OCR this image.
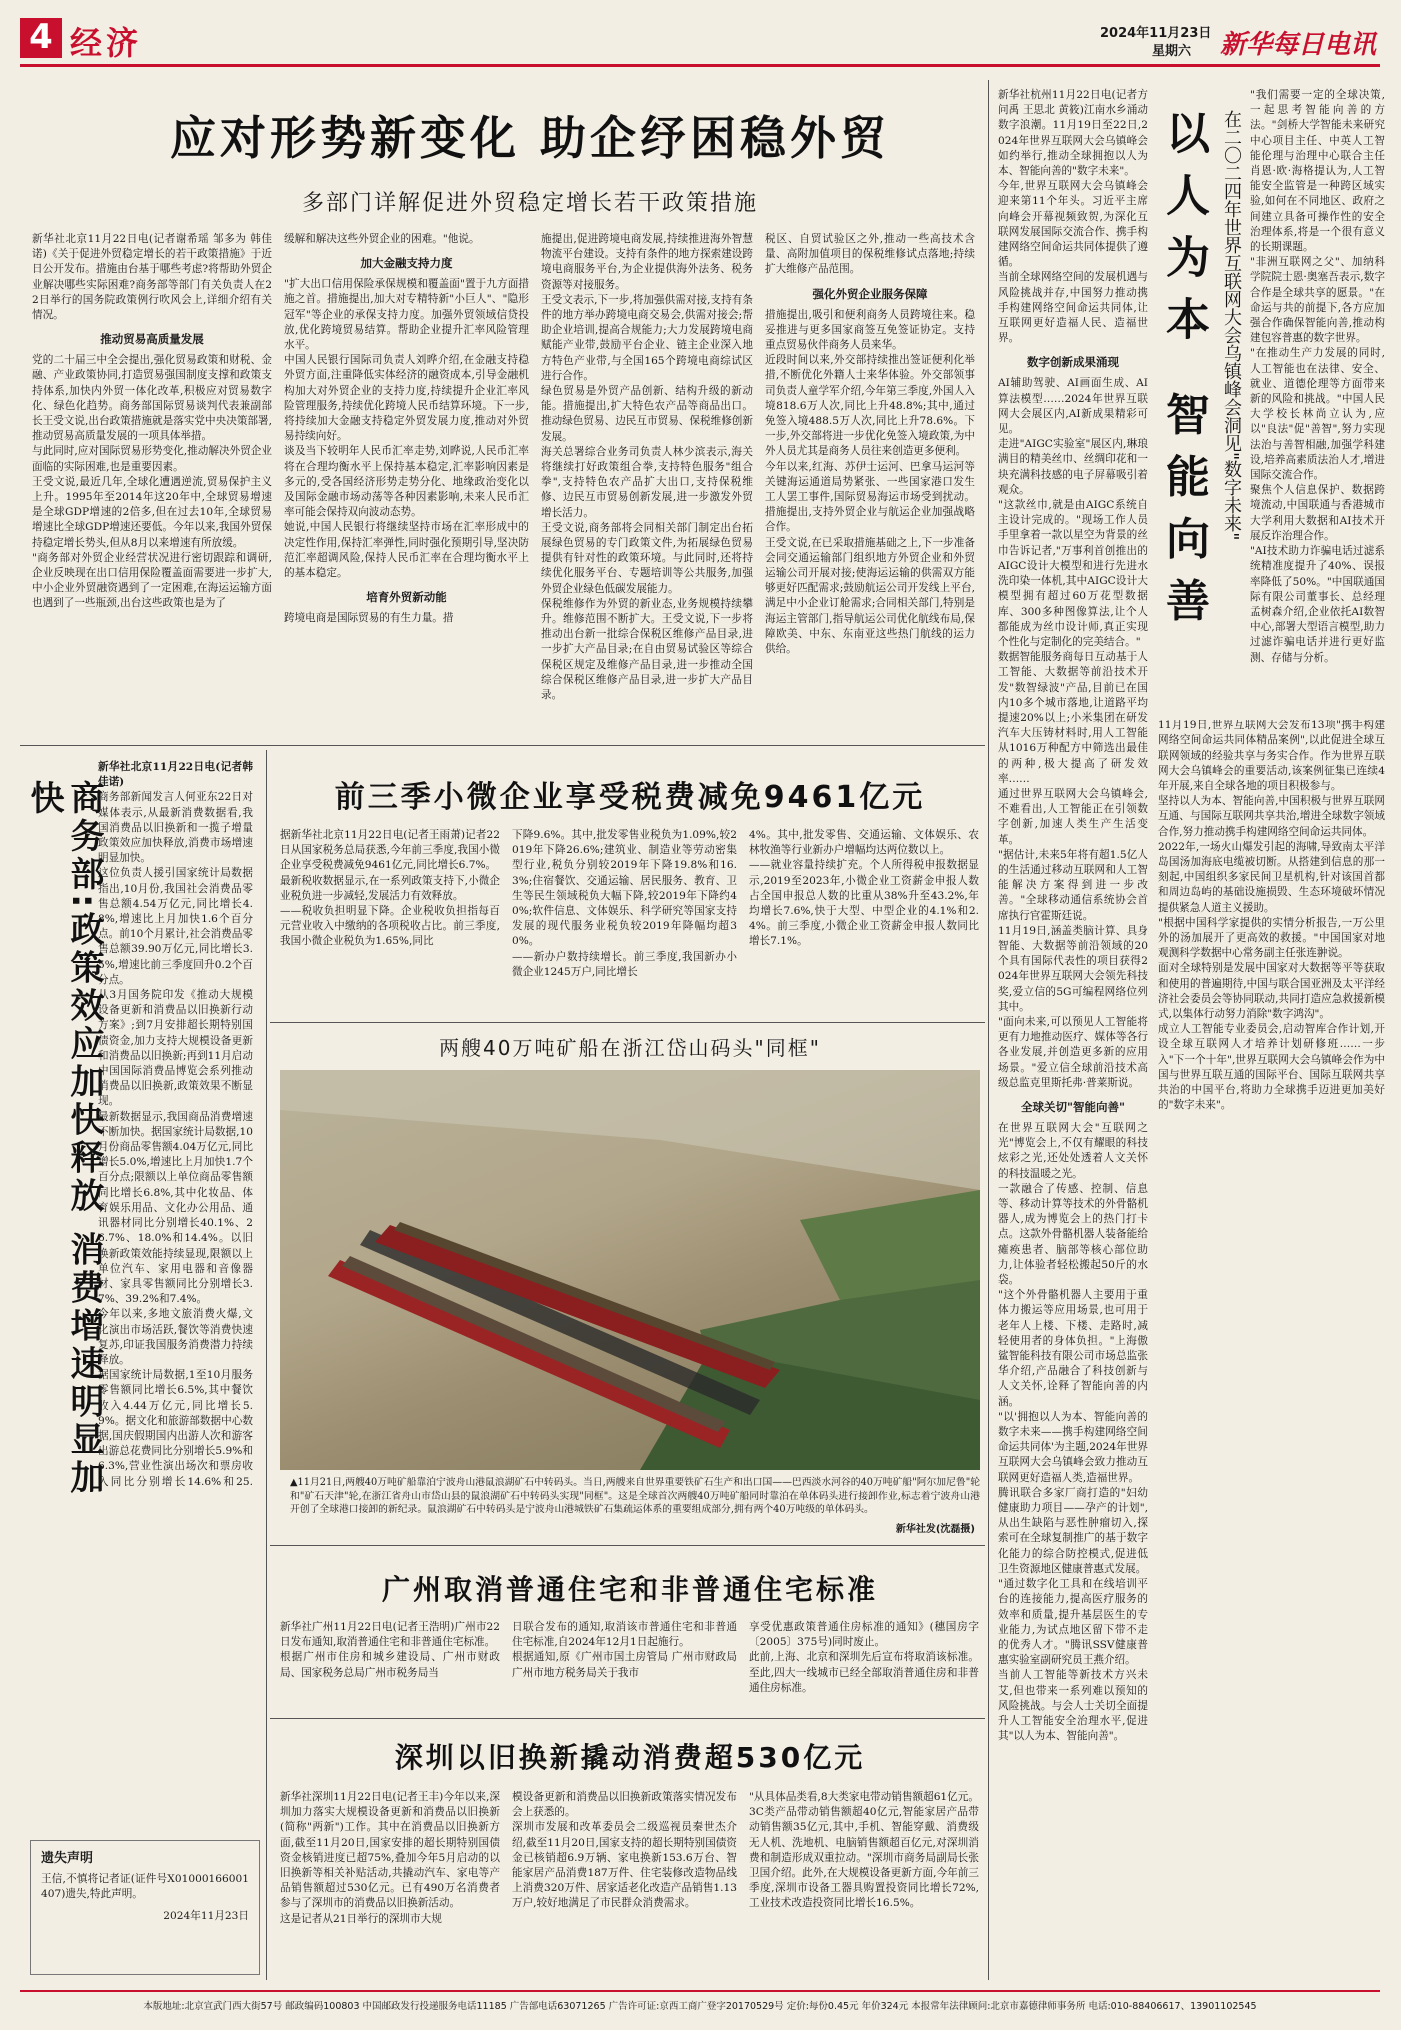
4 经济	2024年11月23日
星期六 新华每日电讯
应对形势新变化 助企纾困稳外贸
多部门详解促进外贸稳定增长若干政策措施
新华社北京11月22日电(记者谢希瑶 邹多为 韩佳诺)《关于促进外贸稳定增长的若干政策措施》于近日公开发布。措施由台基于哪些考虑?将帮助外贸企业解决哪些实际困难?商务部等部门有关负责人在22日举行的国务院政策例行吹风会上,详细介绍有关情况。
推动贸易高质量发展
党的二十届三中全会提出,强化贸易政策和财税、金融、产业政策协同,打造贸易强国制度支撑和政策支持体系,加快内外贸一体化改革,积极应对贸易数字化、绿色化趋势。商务部国际贸易谈判代表兼副部长王受文说,出台政策措施就是落实党中央决策部署,推动贸易高质量发展的一项具体举措。
与此同时,应对国际贸易形势变化,推动解决外贸企业面临的实际困难,也是重要因素。
王受文说,最近几年,全球化遭遇逆流,贸易保护主义上升。1995年至2014年这20年中,全球贸易增速是全球GDP增速的2倍多,但在过去10年,全球贸易增速比全球GDP增速还要低。今年以来,我国外贸保持稳定增长势头,但从8月以来增速有所放缓。
"商务部对外贸企业经营状况进行密切跟踪和调研,企业反映现在出口信用保险覆盖面需要进一步扩大,中小企业外贸融资遇到了一定困难,在海运运输方面也遇到了一些瓶颈,出台这些政策也是为了
缓解和解决这些外贸企业的困难。"他说。
加大金融支持力度
"扩大出口信用保险承保规模和覆盖面"置于九方面措施之首。措施提出,加大对专精特新"小巨人"、"隐形冠军"等企业的承保支持力度。加强外贸领域信贷投放,优化跨境贸易结算。帮助企业提升汇率风险管理水平。
中国人民银行国际司负责人刘晔介绍,在金融支持稳外贸方面,注重降低实体经济的融资成本,引导金融机构加大对外贸企业的支持力度,持续提升企业汇率风险管理服务,持续优化跨境人民币结算环境。下一步,将持续加大金融支持稳定外贸发展力度,推动对外贸易持续向好。
谈及当下较明年人民币汇率走势,刘晔说,人民币汇率将在合理均衡水平上保持基本稳定,汇率影响因素是多元的,受各国经济形势走势分化、地缘政治变化以及国际金融市场动荡等各种因素影响,未来人民币汇率可能会保持双向波动态势。
她说,中国人民银行将继续坚持市场在汇率形成中的决定性作用,保持汇率弹性,同时强化预期引导,坚决防范汇率超调风险,保持人民币汇率在合理均衡水平上的基本稳定。
培育外贸新动能
跨境电商是国际贸易的有生力量。措
施提出,促进跨境电商发展,持续推进海外智慧物流平台建设。支持有条件的地方探索建设跨境电商服务平台,为企业提供海外法务、税务资源等对接服务。
王受文表示,下一步,将加强供需对接,支持有条件的地方举办跨境电商交易会,供需对接会;帮助企业培训,提高合规能力;大力发展跨境电商赋能产业带,鼓励平台企业、链主企业深入地方特色产业带,与全国165个跨境电商综试区进行合作。
绿色贸易是外贸产品创新、结构升级的新动能。措施提出,扩大特色农产品等商品出口。推动绿色贸易、边民互市贸易、保税维修创新发展。
海关总署综合业务司负责人林少滨表示,海关将继续打好政策组合拳,支持特色服务"组合拳",支持特色农产品扩大出口,支持保税维修、边民互市贸易创新发展,进一步激发外贸增长活力。
王受文说,商务部将会同相关部门制定出台拓展绿色贸易的专门政策文件,为拓展绿色贸易提供有针对性的政策环境。与此同时,还将持续优化服务平台、专题培训等公共服务,加强外贸企业绿色低碳发展能力。
保税维修作为外贸的新业态,业务规模持续攀升。维修范围不断扩大。王受文说,下一步将推动出台新一批综合保税区维修产品目录,进一步扩大产品目录;在自由贸易试验区等综合保税区规定及维修产品目录,进一步推动全国综合保税区维修产品目录,进一步扩大产品目录。
税区、自贸试验区之外,推动一些高技术含量、高附加值项目的保税维修试点落地;持续扩大维修产品范围。
强化外贸企业服务保障
措施提出,吸引和便利商务人员跨境往来。稳妥推进与更多国家商签互免签证协定。支持重点贸易伙伴商务人员来华。
近段时间以来,外交部持续推出签证便利化举措,不断优化外籍人士来华体验。外交部领事司负责人童学军介绍,今年第三季度,外国人入境818.6万人次,同比上升48.8%;其中,通过免签入境488.5万人次,同比上升78.6%。下一步,外交部将进一步优化免签入境政策,为中外人员尤其是商务人员往来创造更多便利。
今年以来,红海、苏伊士运河、巴拿马运河等关键海运通道局势紧张、一些国家港口发生工人罢工事件,国际贸易海运市场受到扰动。措施提出,支持外贸企业与航运企业加强战略合作。
王受文说,在已采取措施基础之上,下一步准备会同交通运输部门组织地方外贸企业和外贸运输公司开展对接;使海运运输的供需双方能够更好匹配需求;鼓励航运公司开发线上平台,满足中小企业订舱需求;合同相关部门,特别是海运主管部门,指导航运公司优化航线布局,保障欧美、中东、东南亚这些热门航线的运力供给。
商务部:政策效应加快释放 消费增速明显加快
新华社北京11月22日电(记者韩佳诺)
商务部新闻发言人何亚东22日对媒体表示,从最新消费数据看,我国消费品以旧换新和一揽子增量政策效应加快释放,消费市场增速明显加快。
这位负责人援引国家统计局数据指出,10月份,我国社会消费品零售总额4.54万亿元,同比增长4.8%,增速比上月加快1.6个百分点。前10个月累计,社会消费品零售总额39.90万亿元,同比增长3.5%,增速比前三季度回升0.2个百分点。
从3月国务院印发《推动大规模设备更新和消费品以旧换新行动方案》;到7月安排超长期特别国债资金,加力支持大规模设备更新和消费品以旧换新;再到11月启动中国国际消费品博览会系列推动消费品以旧换新,政策效果不断显现。
最新数据显示,我国商品消费增速不断加快。据国家统计局数据,10月份商品零售额4.04万亿元,同比增长5.0%,增速比上月加快1.7个百分点;限额以上单位商品零售额同比增长6.8%,其中化妆品、体育娱乐用品、文化办公用品、通讯器材同比分别增长40.1%、26.7%、18.0%和14.4%。以旧换新政策效能持续显现,限额以上单位汽车、家用电器和音像器材、家具零售额同比分别增长3.7%、39.2%和7.4%。
今年以来,多地文旅消费火爆,文化演出市场活跃,餐饮等消费快速复苏,印证我国服务消费潜力持续释放。
据国家统计局数据,1至10月服务零售额同比增长6.5%,其中餐饮收入4.44万亿元,同比增长5.9%。据文化和旅游部数据中心数据,国庆假期国内出游人次和游客出游总花费同比分别增长5.9%和6.3%,营业性演出场次和票房收入同比分别增长14.6%和25.

遗失声明
王信,不慎将记者证(证件号X01000166001407)遗失,特此声明。
2024年11月23日
前三季小微企业享受税费减免9461亿元
据新华社北京11月22日电(记者王雨萧)记者22日从国家税务总局获悉,今年前三季度,我国小微企业享受税费减免9461亿元,同比增长6.7%。
最新税收数据显示,在一系列政策支持下,小微企业税负进一步减轻,发展活力有效释放。
——税收负担明显下降。企业税收负担指每百元营业收入中缴纳的各项税收占比。前三季度,我国小微企业税负为1.65%,同比
下降9.6%。其中,批发零售业税负为1.09%,较2019年下降26.6%;建筑业、制造业等劳动密集型行业,税负分别较2019年下降19.8%和16.3%;住宿餐饮、交通运输、居民服务、教育、卫生等民生领域税负大幅下降,较2019年下降约40%;软件信息、文体娱乐、科学研究等国家支持发展的现代服务业税负较2019年降幅均超30%。
——新办户数持续增长。前三季度,我国新办小微企业1245万户,同比增长
4%。其中,批发零售、交通运输、文体娱乐、农林牧渔等行业新办户增幅均达两位数以上。
——就业容量持续扩充。个人所得税申报数据显示,2019至2023年,小微企业工资薪金申报人数占全国申报总人数的比重从38%升至43.2%,年均增长7.6%,快于大型、中型企业的4.1%和2.4%。前三季度,小微企业工资薪金申报人数同比增长7.1%。
两艘40万吨矿船在浙江岱山码头"同框"
▲11月21日,两艘40万吨矿船靠泊宁波舟山港鼠浪湖矿石中转码头。当日,两艘来自世界重要铁矿石生产和出口国——巴西淡水河谷的40万吨矿船"阿尔加尼鲁"轮和"矿石天津"轮,在浙江省舟山市岱山县的鼠浪湖矿石中转码头实现"同框"。这是全球首次两艘40万吨矿船同时靠泊在单体码头进行接卸作业,标志着宁波舟山港开创了全球港口接卸的新纪录。鼠浪湖矿石中转码头是宁波舟山港城铁矿石集疏运体系的重要组成部分,拥有两个40万吨级的单体码头。
新华社发(沈磊摄)
广州取消普通住宅和非普通住宅标准
新华社广州11月22日电(记者王浩明)广州市22日发布通知,取消普通住宅和非普通住宅标准。
根据广州市住房和城乡建设局、广州市财政局、国家税务总局广州市税务局当
日联合发布的通知,取消该市普通住宅和非普通住宅标准,自2024年12月1日起施行。
根据通知,原《广州市国土房管局 广州市财政局 广州市地方税务局关于我市
享受优惠政策普通住房标准的通知》(穗国房字〔2005〕375号)同时废止。
此前,上海、北京和深圳先后宣布将取消该标准。至此,四大一线城市已经全部取消普通住房和非普通住房标准。
深圳以旧换新撬动消费超530亿元
新华社深圳11月22日电(记者王丰)今年以来,深圳加力落实大规模设备更新和消费品以旧换新(简称"两新")工作。其中在消费品以旧换新方面,截至11月20日,国家安排的超长期特别国债资金核销进度已超75%,叠加今年5月启动的以旧换新等相关补贴活动,共撬动汽车、家电等产品销售额超过530亿元。已有490万名消费者参与了深圳市的消费品以旧换新活动。
这是记者从21日举行的深圳市大规
模设备更新和消费品以旧换新政策落实情况发布会上获悉的。
深圳市发展和改革委员会二级巡视员秦世杰介绍,截至11月20日,国家支持的超长期特别国债资金已核销超6.9万辆、家电换新153.6万台、智能家居产品消费187万件、住宅装修改造物品线上消费320万件、居家适老化改造产品销售1.13万户,较好地满足了市民群众消费需求。
"从具体品类看,8大类家电带动销售额超61亿元。3C类产品带动销售额超40亿元,智能家居产品带动销售额35亿元,其中,手机、智能穿戴、消费级无人机、洗地机、电脑销售额超百亿元,对深圳消费和制造形成双重拉动。"深圳市商务局副局长张卫国介绍。此外,在大规模设备更新方面,今年前三季度,深圳市设备工器具购置投资同比增长72%,工业技术改造投资同比增长16.5%。
新华社杭州11月22日电(记者方问禹 王思北 黄筱)江南水乡涌动数字浪潮。11月19日至22日,2024年世界互联网大会乌镇峰会如约举行,推动全球拥抱以人为本、智能向善的"数字未来"。
今年,世界互联网大会乌镇峰会迎来第11个年头。习近平主席向峰会开幕视频致贺,为深化互联网发展国际交流合作、携手构建网络空间命运共同体提供了遵循。
当前全球网络空间的发展机遇与风险挑战并存,中国努力推动携手构建网络空间命运共同体,让互联网更好造福人民、造福世界。
数字创新成果涌现
AI辅助驾驶、AI画面生成、AI算法模型……2024年世界互联网大会展区内,AI新成果精彩可见。
走进"AIGC实验室"展区内,琳琅满目的精美丝巾、丝绸印花和一块充满科技感的电子屏幕吸引着观众。
"这款丝巾,就是由AIGC系统自主设计完成的。"现场工作人员手里拿着一款以星空为背景的丝巾告诉记者,"万事利首创推出的AIGC设计大模型和进行先进水洗印染一体机,其中AIGC设计大模型拥有超过60万花型数据库、300多种图像算法,让个人都能成为丝巾设计师,真正实现个性化与定制化的完美结合。"
数据智能服务商每日互动基于人工智能、大数据等前沿技术开发"数智绿波"产品,目前已在国内10多个城市落地,让道路平均提速20%以上;小米集团在研发汽车大压铸材料时,用人工智能从1016万种配方中筛选出最佳的两种,极大提高了研发效率……
通过世界互联网大会乌镇峰会,不难看出,人工智能正在引领数字创新,加速人类生产生活变革。
"据估计,未来5年将有超1.5亿人的生活通过移动互联网和人工智能解决方案得到进一步改善。"全球移动通信系统协会首席执行官霍斯廷说。
11月19日,涵盖类脑计算、具身智能、大数据等前沿领域的20个具有国际代表性的项目获得2024年世界互联网大会领先科技奖,爱立信的5G可编程网络位列其中。
"面向未来,可以预见人工智能将更有力地推动医疗、媒体等各行各业发展,并创造更多新的应用场景。"爱立信全球前沿技术高级总监克里斯托弗·普莱斯说。
全球关切"智能向善"
在世界互联网大会"互联网之光"博览会上,不仅有耀眼的科技炫彩之光,还处处透着人文关怀的科技温暖之光。
一款融合了传感、控制、信息等、移动计算等技术的外骨骼机器人,成为博览会上的热门打卡点。这款外骨骼机器人装备能给瘫痪患者、脑部等核心部位助力,让体验者轻松搬起50斤的水袋。
"这个外骨骼机器人主要用于重体力搬运等应用场景,也可用于老年人上楼、下楼、走路时,减轻使用者的身体负担。"上海傲鲨智能科技有限公司市场总监张华介绍,产品融合了科技创新与人文关怀,诠释了智能向善的内涵。
"以'拥抱以人为本、智能向善的数字未来——携手构建网络空间命运共同体'为主题,2024年世界互联网大会乌镇峰会致力推动互联网更好造福人类,造福世界。
腾讯联合多家厂商打造的"妇幼健康助力项目——孕产的计划",从出生缺陷与恶性肿瘤切入,探索可在全球复制推广的基于数字化能力的综合防控模式,促进低卫生资源地区健康普惠式发展。
"通过数字化工具和在线培训平台的连接能力,提高医疗服务的效率和质量,提升基层医生的专业能力,为试点地区留下带不走的优秀人才。"腾讯SSV健康普惠实验室副研究员王燕介绍。
当前人工智能等新技术方兴未艾,但也带来一系列难以预知的风险挑战。与会人士关切全面提升人工智能安全治理水平,促进其"以人为本、智能向善"。
以人为本 智能向善 在二〇二四年世界互联网大会乌镇峰会洞见"数字未来"
"我们需要一定的全球决策,一起思考智能向善的方法。"剑桥大学智能未来研究中心项目主任、中英人工智能伦理与治理中心联合主任肖恩·欧·海格提认为,人工智能安全监管是一种跨区域实验,如何在不同地区、政府之间建立具备可操作性的安全治理体系,将是一个很有意义的长期课题。
"非洲互联网之父"、加纳科学院院士恩·奥塞吾表示,数字合作是全球共享的愿景。"在命运与共的前提下,各方应加强合作确保智能向善,推动构建包容普惠的数字世界。
"在推动生产力发展的同时,人工智能也在法律、安全、就业、道德伦理等方面带来新的风险和挑战。"中国人民大学校长林尚立认为,应以"良法"促"善智",努力实现法治与善智相融,加强学科建设,培养高素质法治人才,增进国际交流合作。
聚焦个人信息保护、数据跨境流动,中国联通与香港城市大学利用大数据和AI技术开展反诈治理合作。
"AI技术助力诈骗电话过滤系统精准度提升了40%、误报率降低了50%。"中国联通国际有限公司董事长、总经理孟树森介绍,企业依托AI数智中心,部署大型语言模型,助力过滤诈骗电话并进行更好监测、存储与分析。

11月19日,世界互联网大会发布13项"携手构建网络空间命运共同体精品案例",以此促进全球互联网领域的经验共享与务实合作。作为世界互联网大会乌镇峰会的重要活动,该案例征集已连续4年开展,来自全球各地的项目积极参与。
坚持以人为本、智能向善,中国积极与世界互联网互通、与国际互联网共享共治,增进全球数字领域合作,努力推动携手构建网络空间命运共同体。
2022年,一场火山爆发引起的海啸,导致南太平洋岛国汤加海底电缆被切断。从搭建到信息的那一刻起,中国组织多家民间卫星机构,针对该国首都和周边岛屿的基础设施损毁、生态环境破坏情况提供紧急人道主义援助。
"根据中国科学家提供的实情分析报告,一万公里外的汤加展开了更高效的救援。"中国国家对地观测科学数据中心常务副主任张连翀说。
面对全球特别是发展中国家对大数据等平等获取和使用的普遍期待,中国与联合国亚洲及太平洋经济社会委员会等协同联动,共同打造应急救援新模式,以集体行动努力消除"数字鸿沟"。
成立人工智能专业委员会,启动智库合作计划,开设全球互联网人才培养计划研修班……一步入"下一个十年",世界互联网大会乌镇峰会作为中国与世界互联互通的国际平台、国际互联网共享共治的中国平台,将助力全球携手迈进更加美好的"数字未来"。
本版地址:北京宣武门西大街57号 邮政编码100803 中国邮政发行投递服务电话11185 广告部电话63071265 广告许可证:京西工商广登字20170529号 定价:每份0.45元 年价324元 本报常年法律顾问:北京市嘉德律师事务所 电话:010-88406617、13901102545
